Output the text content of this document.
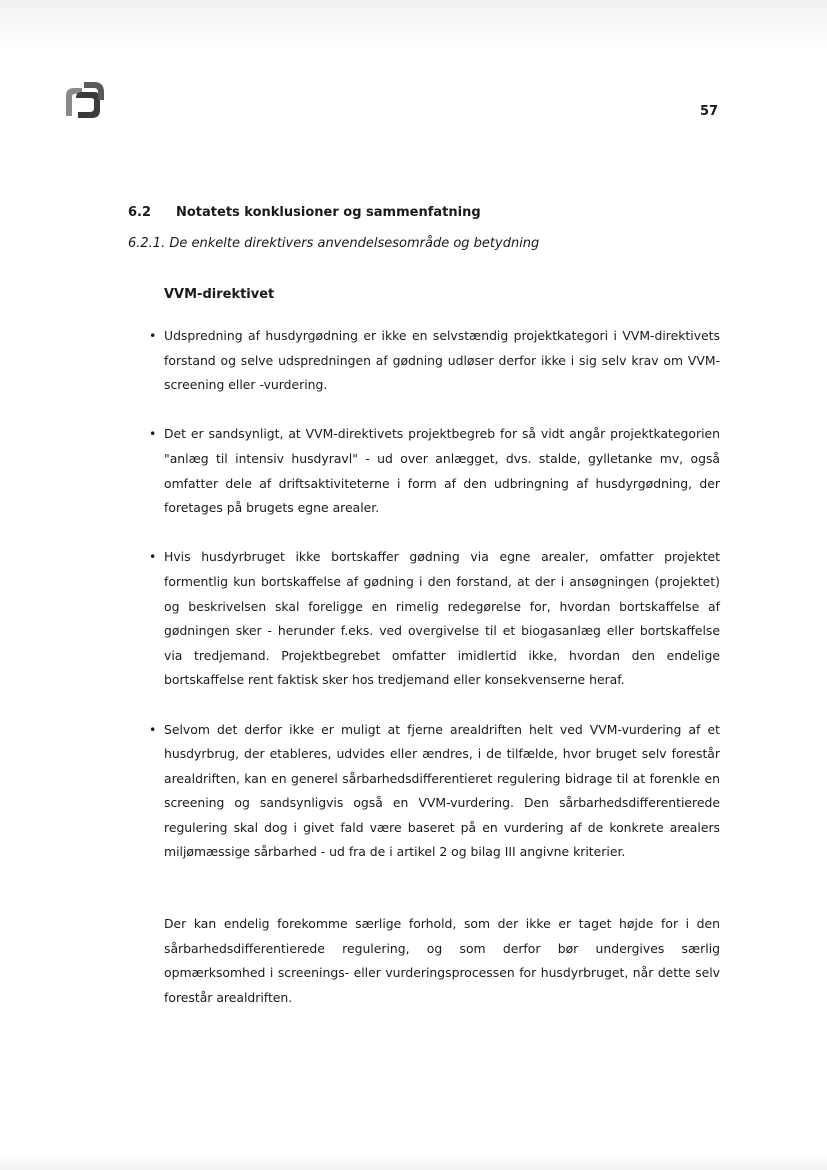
57
6.2 Notatets konklusioner og sammenfatning
6.2.1. De enkelte direktivers anvendelsesområde og betydning
VVM-direktivet
• Udspredning af husdyrgødning er ikke en selvstændig projektkategori i VVM-direktivets forstand og selve udspredningen af gødning udløser derfor ikke i sig selv krav om VVM-screening eller -vurdering.
• Det er sandsynligt, at VVM-direktivets projektbegreb for så vidt angår projektkategorien "anlæg til intensiv husdyravl" - ud over anlægget, dvs. stalde, gylletanke mv, også omfatter dele af driftsaktiviteterne i form af den udbringning af husdyrgødning, der foretages på brugets egne arealer.
• Hvis husdyrbruget ikke bortskaffer gødning via egne arealer, omfatter projektet formentlig kun bortskaffelse af gødning i den forstand, at der i ansøgningen (projektet) og beskrivelsen skal foreligge en rimelig redegørelse for, hvordan bortskaffelse af gødningen sker - herunder f.eks. ved overgivelse til et biogasanlæg eller bortskaffelse via tredjemand. Projektbegrebet omfatter imidlertid ikke, hvordan den endelige bortskaffelse rent faktisk sker hos tredjemand eller konsekvenserne heraf.
• Selvom det derfor ikke er muligt at fjerne arealdriften helt ved VVM-vurdering af et husdyrbrug, der etableres, udvides eller ændres, i de tilfælde, hvor bruget selv forestår arealdriften, kan en generel sårbarhedsdifferentieret regulering bidrage til at forenkle en screening og sandsynligvis også en VVM-vurdering. Den sårbarhedsdifferentierede regulering skal dog i givet fald være baseret på en vurdering af de konkrete arealers miljømæssige sårbarhed - ud fra de i artikel 2 og bilag III angivne kriterier.
Der kan endelig forekomme særlige forhold, som der ikke er taget højde for i den sårbarhedsdifferentierede regulering, og som derfor bør undergives særlig opmærksomhed i screenings- eller vurderingsprocessen for husdyrbruget, når dette selv forestår arealdriften.
